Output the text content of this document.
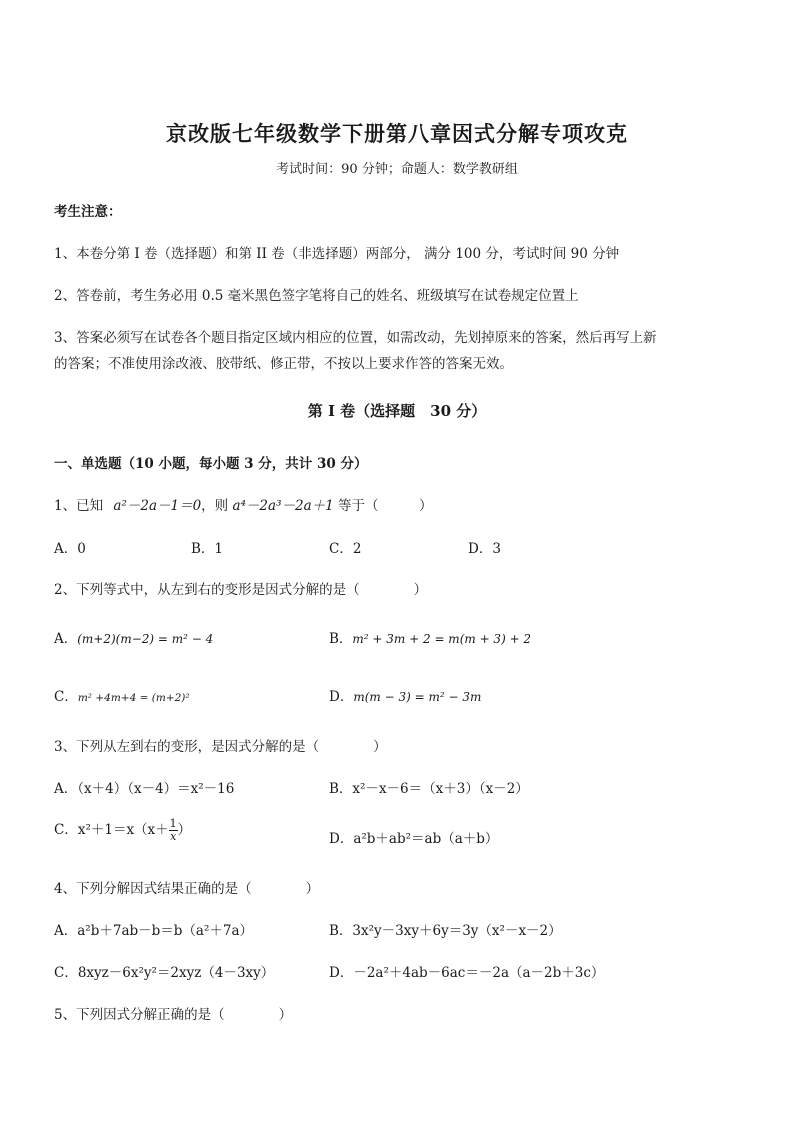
京改版七年级数学下册第八章因式分解专项攻克
考试时间：90 分钟；命题人：数学教研组
考生注意：
1、本卷分第 I 卷（选择题）和第 II 卷（非选择题）两部分， 满分 100 分，考试时间 90 分钟
2、答卷前，考生务必用 0.5 毫米黑色签字笔将自己的姓名、班级填写在试卷规定位置上
3、答案必须写在试卷各个题目指定区域内相应的位置，如需改动，先划掉原来的答案，然后再写上新
的答案；不准使用涂改液、胶带纸、修正带，不按以上要求作答的答案无效。
第 I 卷（选择题　30 分）
一、单选题（10 小题，每小题 3 分，共计 30 分）
1、已知 a²－2a－1＝0，则 a⁴－2a³－2a＋1 等于（　　　）
A．0	B．1	C．2	D．3
2、下列等式中，从左到右的变形是因式分解的是（　　　　）
A．(m+2)(m−2) = m² − 4	B．m² + 3m + 2 = m(m + 3) + 2
C．m² +4m+4 = (m+2)²	D．m(m − 3) = m² − 3m
3、下列从左到右的变形，是因式分解的是（　　　　）
A．（x＋4）（x－4）＝x²－16	B．x²－x－6＝（x＋3）（x－2）
C．$x^2+1=x(x+ \frac{1}{x}$ ）
D．a²b＋ab²＝ab（a＋b）
4、下列分解因式结果正确的是（　　　　）
A．a²b＋7ab－b＝b（a²＋7a）	B．3x²y－3xy＋6y＝3y（x²－x－2）
C．8xyz－6x²y²＝2xyz（4－3xy）	D．－2a²＋4ab－6ac＝－2a（a－2b＋3c）
5、下列因式分解正确的是（　　　　）
